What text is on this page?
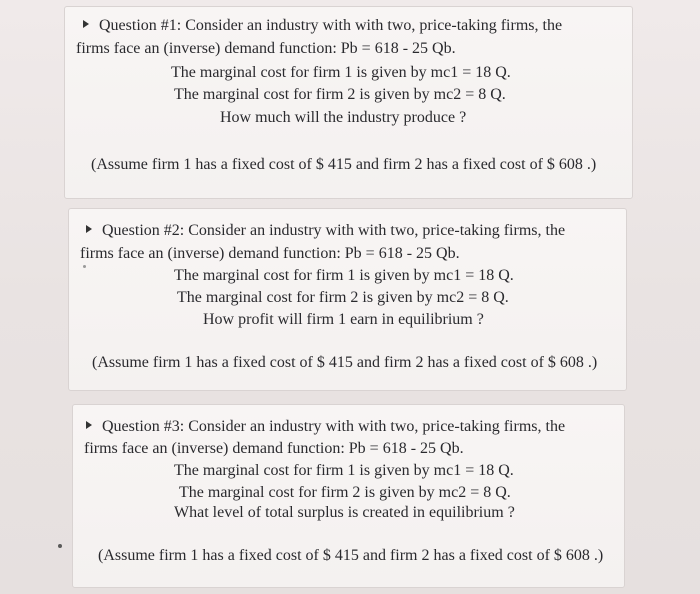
Question #1: Consider an industry with with two, price-taking firms, the
firms face an (inverse) demand function: Pb = 618 - 25 Qb.
The marginal cost for firm 1 is given by mc1 = 18 Q.
The marginal cost for firm 2 is given by mc2 = 8 Q.
How much will the industry produce ?
(Assume firm 1 has a fixed cost of $ 415 and firm 2 has a fixed cost of $ 608 .)
Question #2: Consider an industry with with two, price-taking firms, the
firms face an (inverse) demand function: Pb = 618 - 25 Qb.
The marginal cost for firm 1 is given by mc1 = 18 Q.
The marginal cost for firm 2 is given by mc2 = 8 Q.
How profit will firm 1 earn in equilibrium ?
(Assume firm 1 has a fixed cost of $ 415 and firm 2 has a fixed cost of $ 608 .)
Question #3: Consider an industry with with two, price-taking firms, the
firms face an (inverse) demand function: Pb = 618 - 25 Qb.
The marginal cost for firm 1 is given by mc1 = 18 Q.
The marginal cost for firm 2 is given by mc2 = 8 Q.
What level of total surplus is created in equilibrium ?
(Assume firm 1 has a fixed cost of $ 415 and firm 2 has a fixed cost of $ 608 .)
